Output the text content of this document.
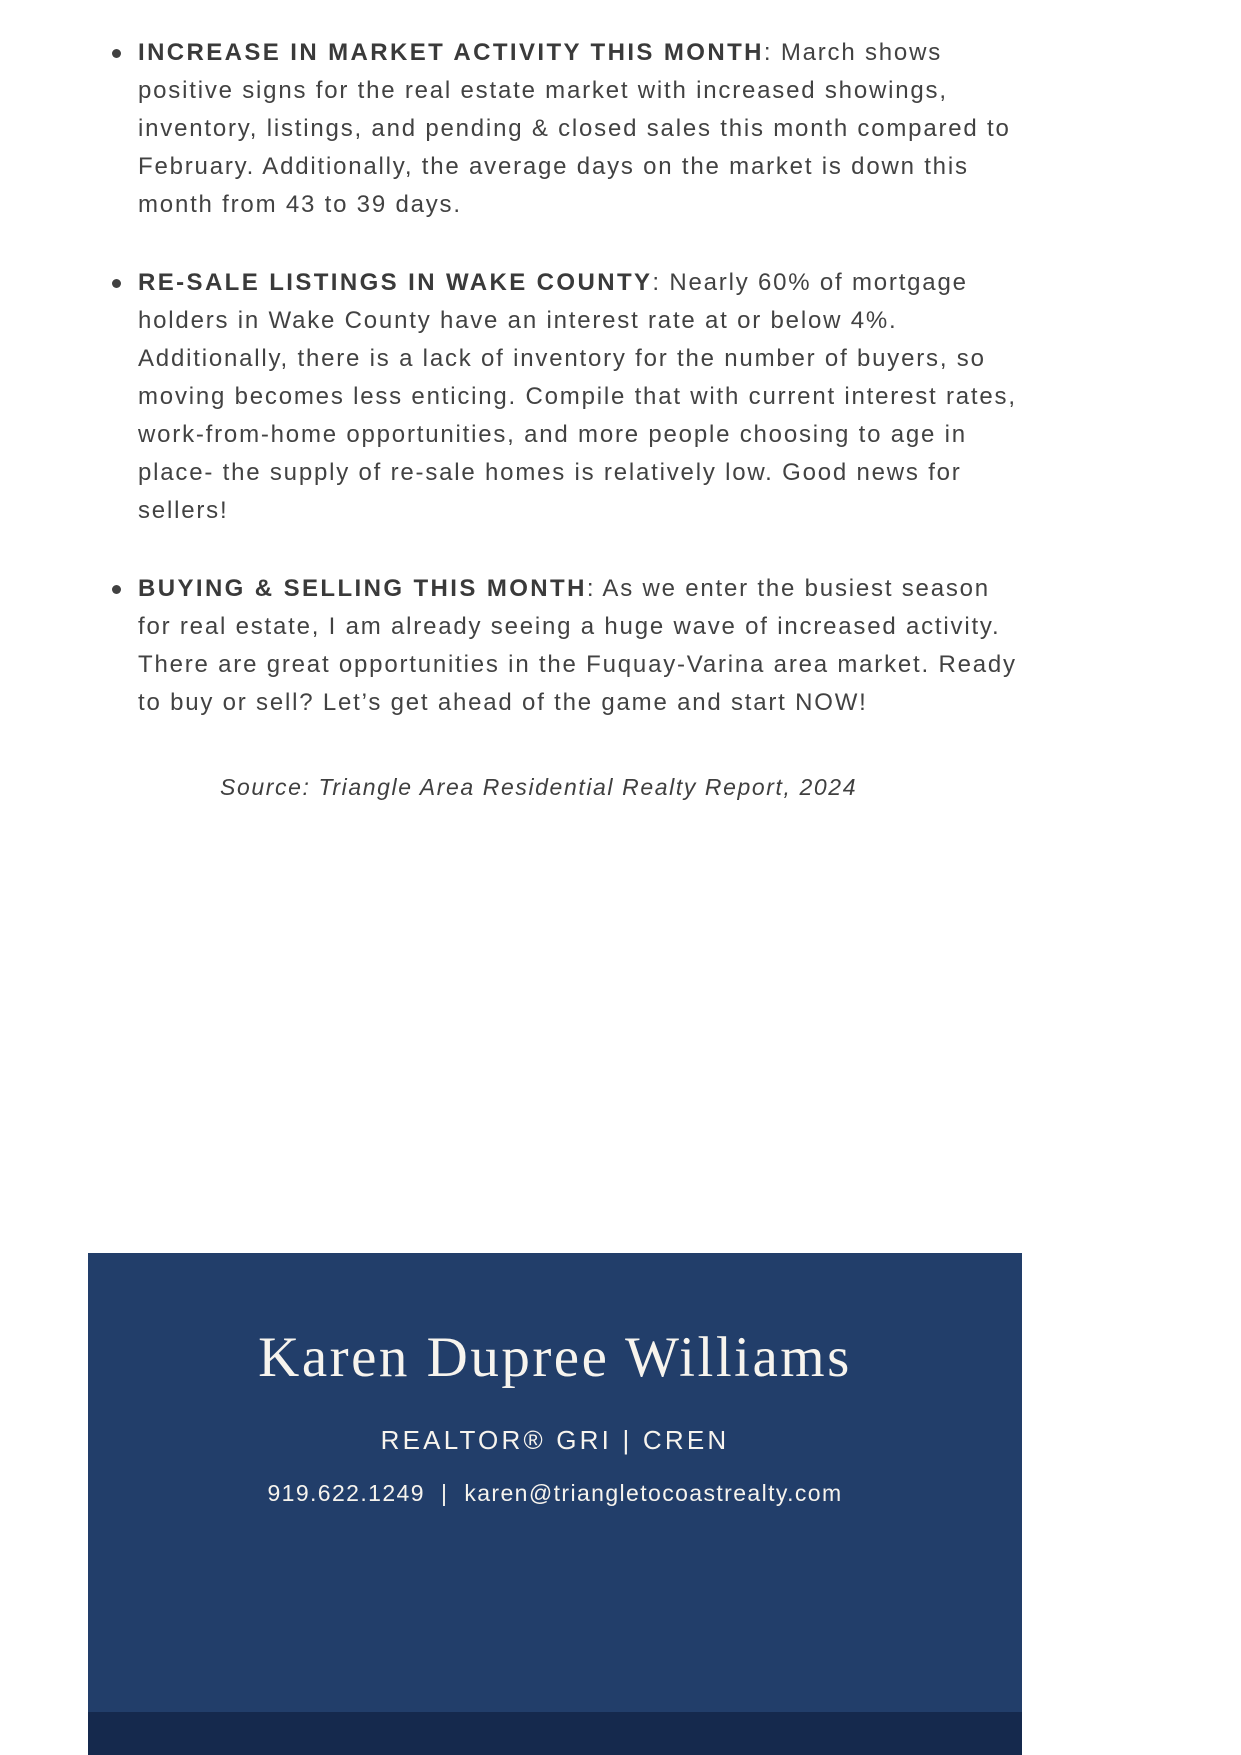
INCREASE IN MARKET ACTIVITY THIS MONTH: March shows positive signs for the real estate market with increased showings, inventory, listings, and pending & closed sales this month compared to February. Additionally, the average days on the market is down this month from 43 to 39 days.
RE-SALE LISTINGS IN WAKE COUNTY: Nearly 60% of mortgage holders in Wake County have an interest rate at or below 4%. Additionally, there is a lack of inventory for the number of buyers, so moving becomes less enticing. Compile that with current interest rates, work-from-home opportunities, and more people choosing to age in place- the supply of re-sale homes is relatively low. Good news for sellers!
BUYING & SELLING THIS MONTH: As we enter the busiest season for real estate, I am already seeing a huge wave of increased activity. There are great opportunities in the Fuquay-Varina area market. Ready to buy or sell? Let’s get ahead of the game and start NOW!
Source: Triangle Area Residential Realty Report, 2024
Karen Dupree Williams
REALTOR® GRI | CREN
919.622.1249 | karen@triangletocoastrealty.com
